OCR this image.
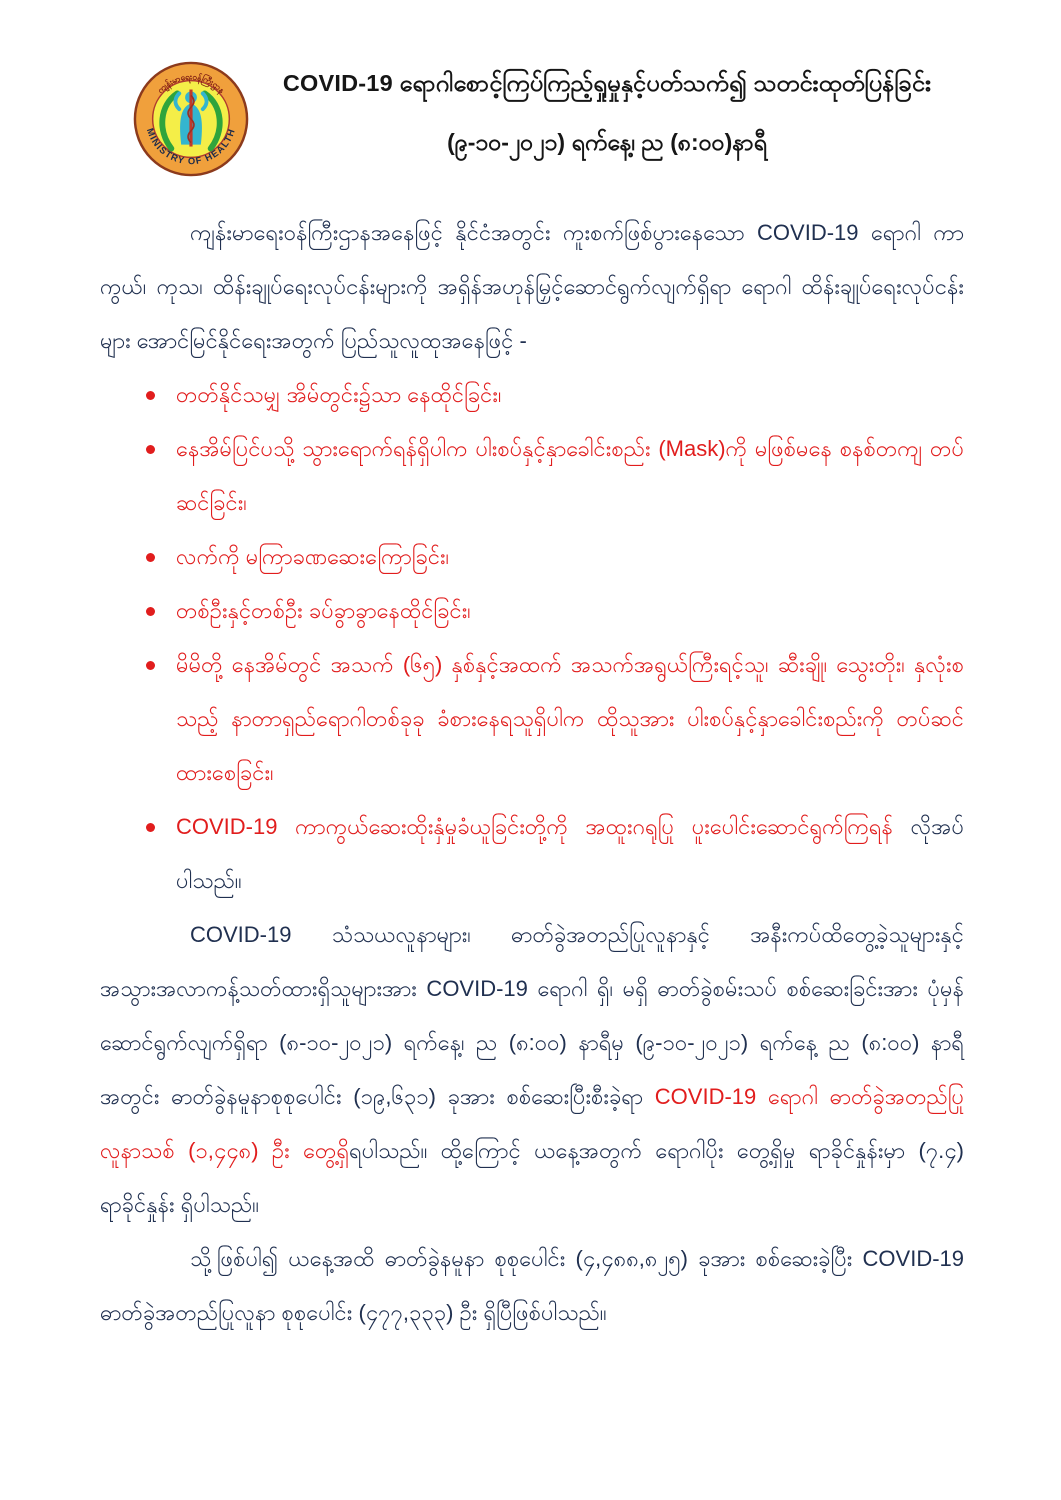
ကျန်းမာရေးဝန်ကြီးဌာန
MINISTRY OF HEALTH
COVID-19 ရောဂါစောင့်ကြပ်ကြည့်ရှုမှုနှင့်ပတ်သက်၍ သတင်းထုတ်ပြန်ခြင်း
(၉-၁၀-၂၀၂၁) ရက်နေ့၊ ည (၈:၀၀)နာရီ

ကျန်းမာရေးဝန်ကြီးဌာနအနေဖြင့် နိုင်ငံအတွင်း ကူးစက်ဖြစ်ပွားနေသော COVID-19 ရောဂါ ကာကွယ်၊ ကုသ၊ ထိန်းချုပ်ရေးလုပ်ငန်းများကို အရှိန်အဟုန်မြှင့်ဆောင်ရွက်လျက်ရှိရာ ရောဂါ ထိန်းချုပ်ရေးလုပ်ငန်းများ အောင်မြင်နိုင်ရေးအတွက် ပြည်သူလူထုအနေဖြင့် -

တတ်နိုင်သမျှ အိမ်တွင်း၌သာ နေထိုင်ခြင်း၊
နေအိမ်ပြင်ပသို့ သွားရောက်ရန်ရှိပါက ပါးစပ်နှင့်နှာခေါင်းစည်း (Mask)ကို မဖြစ်မနေ စနစ်တကျ တပ်ဆင်ခြင်း၊
လက်ကို မကြာခဏဆေးကြောခြင်း၊
တစ်ဦးနှင့်တစ်ဦး ခပ်ခွာခွာနေထိုင်ခြင်း၊
မိမိတို့ နေအိမ်တွင် အသက် (၆၅) နှစ်နှင့်အထက် အသက်အရွယ်ကြီးရင့်သူ၊ ဆီးချို၊ သွေးတိုး၊ နှလုံးစသည့် နာတာရှည်ရောဂါတစ်ခုခု ခံစားနေရသူရှိပါက ထိုသူအား ပါးစပ်နှင့်နှာခေါင်းစည်းကို တပ်ဆင်ထားစေခြင်း၊
COVID-19 ကာကွယ်ဆေးထိုးနှံမှုခံယူခြင်းတို့ကို အထူးဂရုပြု ပူးပေါင်းဆောင်ရွက်ကြရန် လိုအပ် ပါသည်။

COVID-19 သံသယလူနာများ၊ ဓာတ်ခွဲအတည်ပြုလူနာနှင့် အနီးကပ်ထိတွေ့ခဲ့သူများနှင့် အသွားအလာကန့်သတ်ထားရှိသူများအား COVID-19 ရောဂါ ရှိ၊ မရှိ ဓာတ်ခွဲစမ်းသပ် စစ်ဆေးခြင်းအား ပုံမှန်ဆောင်ရွက်လျက်ရှိရာ (၈-၁၀-၂၀၂၁) ရက်နေ့၊ ည (၈:၀၀) နာရီမှ (၉-၁၀-၂၀၂၁) ရက်နေ့ ည (၈:၀၀) နာရီအတွင်း ဓာတ်ခွဲနမူနာစုစုပေါင်း (၁၉,၆၃၁) ခုအား စစ်ဆေးပြီးစီးခဲ့ရာ COVID-19 ရောဂါ ဓာတ်ခွဲအတည်ပြုလူနာသစ် (၁,၄၄၈) ဦး တွေ့ရှိရပါသည်။ ထို့ကြောင့် ယနေ့အတွက် ရောဂါပိုး တွေ့ရှိမှု ရာခိုင်နှုန်းမှာ (၇.၄) ရာခိုင်နှုန်း ရှိပါသည်။

သို့ဖြစ်ပါ၍ ယနေ့အထိ ဓာတ်ခွဲနမူနာ စုစုပေါင်း (၄,၄၈၈,၈၂၅) ခုအား စစ်ဆေးခဲ့ပြီး COVID-19 ဓာတ်ခွဲအတည်ပြုလူနာ စုစုပေါင်း (၄၇၇,၃၃၃) ဦး ရှိပြီဖြစ်ပါသည်။
